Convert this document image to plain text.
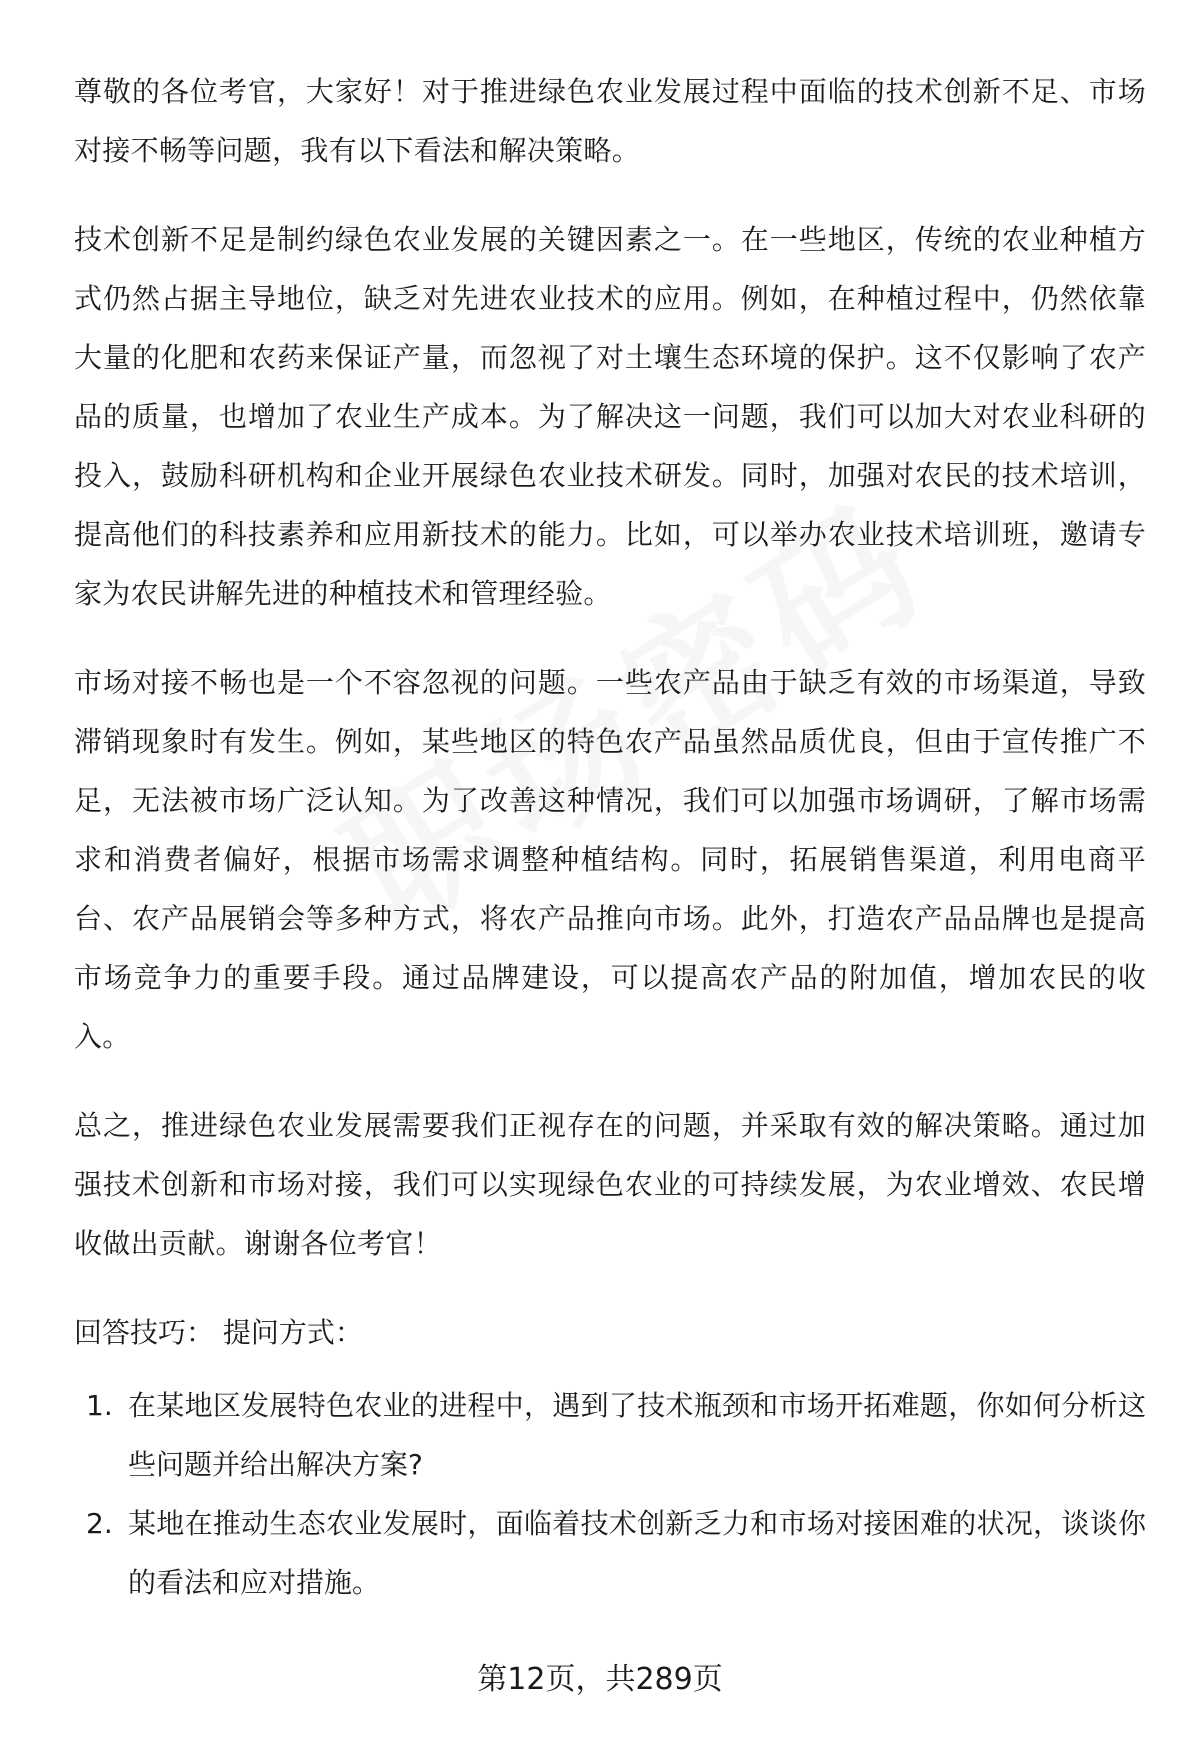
尊敬的各位考官，大家好！对于推进绿色农业发展过程中面临的技术创新不足、市场对接不畅等问题，我有以下看法和解决策略。

技术创新不足是制约绿色农业发展的关键因素之一。在一些地区，传统的农业种植方式仍然占据主导地位，缺乏对先进农业技术的应用。例如，在种植过程中，仍然依靠大量的化肥和农药来保证产量，而忽视了对土壤生态环境的保护。这不仅影响了农产品的质量，也增加了农业生产成本。为了解决这一问题，我们可以加大对农业科研的投入，鼓励科研机构和企业开展绿色农业技术研发。同时，加强对农民的技术培训，提高他们的科技素养和应用新技术的能力。比如，可以举办农业技术培训班，邀请专家为农民讲解先进的种植技术和管理经验。

市场对接不畅也是一个不容忽视的问题。一些农产品由于缺乏有效的市场渠道，导致滞销现象时有发生。例如，某些地区的特色农产品虽然品质优良，但由于宣传推广不足，无法被市场广泛认知。为了改善这种情况，我们可以加强市场调研，了解市场需求和消费者偏好，根据市场需求调整种植结构。同时，拓展销售渠道，利用电商平台、农产品展销会等多种方式，将农产品推向市场。此外，打造农产品品牌也是提高市场竞争力的重要手段。通过品牌建设，可以提高农产品的附加值，增加农民的收入。

总之，推进绿色农业发展需要我们正视存在的问题，并采取有效的解决策略。通过加强技术创新和市场对接，我们可以实现绿色农业的可持续发展，为农业增效、农民增收做出贡献。谢谢各位考官！

回答技巧： 提问方式：
1. 在某地区发展特色农业的进程中，遇到了技术瓶颈和市场开拓难题，你如何分析这些问题并给出解决方案?
2. 某地在推动生态农业发展时，面临着技术创新乏力和市场对接困难的状况，谈谈你的看法和应对措施。
第12页，共289页
